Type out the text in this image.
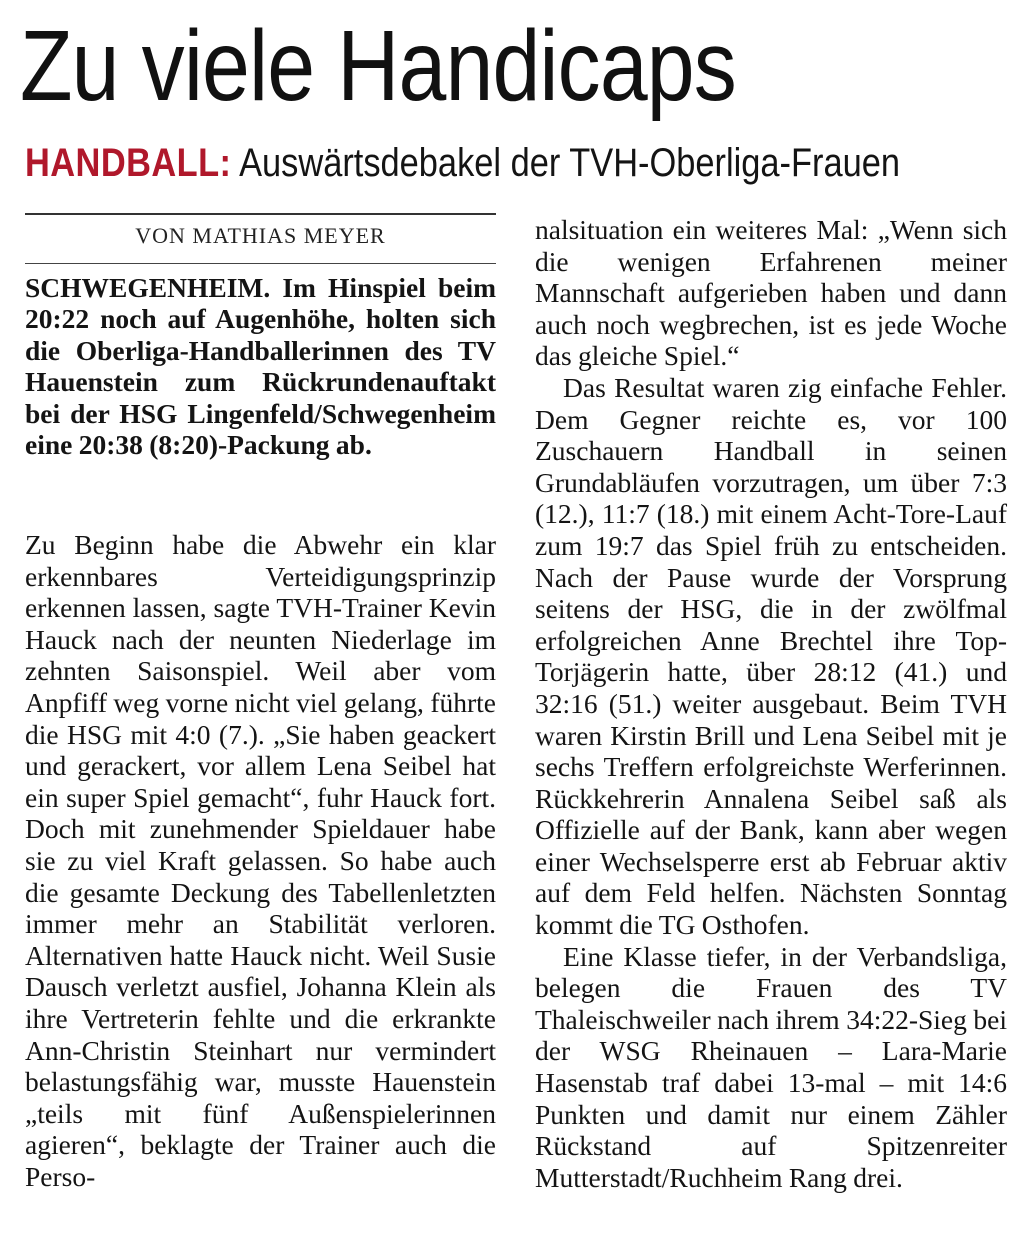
Zu viele Handicaps
HANDBALL: Auswärtsdebakel der TVH-Oberliga-Frauen
VON MATHIAS MEYER

SCHWEGENHEIM. Im Hinspiel beim 20:22 noch auf Augenhöhe, holten sich die Oberliga-Handballerinnen des TV Hauenstein zum Rückrundenauftakt bei der HSG Lingenfeld/Schwegenheim eine 20:38 (8:20)-Packung ab.

Zu Beginn habe die Abwehr ein klar erkennbares Verteidigungsprinzip erkennen lassen, sagte TVH-Trainer Kevin Hauck nach der neunten Niederlage im zehnten Saisonspiel. Weil aber vom Anpfiff weg vorne nicht viel gelang, führte die HSG mit 4:0 (7.). „Sie haben geackert und gerackert, vor allem Lena Seibel hat ein super Spiel gemacht“, fuhr Hauck fort. Doch mit zunehmender Spieldauer habe sie zu viel Kraft gelassen. So habe auch die gesamte Deckung des Tabellenletzten immer mehr an Stabilität verloren. Alternativen hatte Hauck nicht. Weil Susie Dausch verletzt ausfiel, Johanna Klein als ihre Vertreterin fehlte und die erkrankte Ann-Christin Steinhart nur vermindert belastungsfähig war, musste Hauenstein „teils mit fünf Außenspielerinnen agieren“, beklagte der Trainer auch die Perso-

nalsituation ein weiteres Mal: „Wenn sich die wenigen Erfahrenen meiner Mannschaft aufgerieben haben und dann auch noch wegbrechen, ist es jede Woche das gleiche Spiel.“

Das Resultat waren zig einfache Fehler. Dem Gegner reichte es, vor 100 Zuschauern Handball in seinen Grundabläufen vorzutragen, um über 7:3 (12.), 11:7 (18.) mit einem Acht-Tore-Lauf zum 19:7 das Spiel früh zu entscheiden. Nach der Pause wurde der Vorsprung seitens der HSG, die in der zwölfmal erfolgreichen Anne Brechtel ihre Top-Torjägerin hatte, über 28:12 (41.) und 32:16 (51.) weiter ausgebaut. Beim TVH waren Kirstin Brill und Lena Seibel mit je sechs Treffern erfolgreichste Werferinnen. Rückkehrerin Annalena Seibel saß als Offizielle auf der Bank, kann aber wegen einer Wechselsperre erst ab Februar aktiv auf dem Feld helfen. Nächsten Sonntag kommt die TG Osthofen.

Eine Klasse tiefer, in der Verbandsliga, belegen die Frauen des TV Thaleischweiler nach ihrem 34:22-Sieg bei der WSG Rheinauen – Lara-Marie Hasenstab traf dabei 13-mal – mit 14:6 Punkten und damit nur einem Zähler Rückstand auf Spitzenreiter Mutterstadt/Ruchheim Rang drei.
